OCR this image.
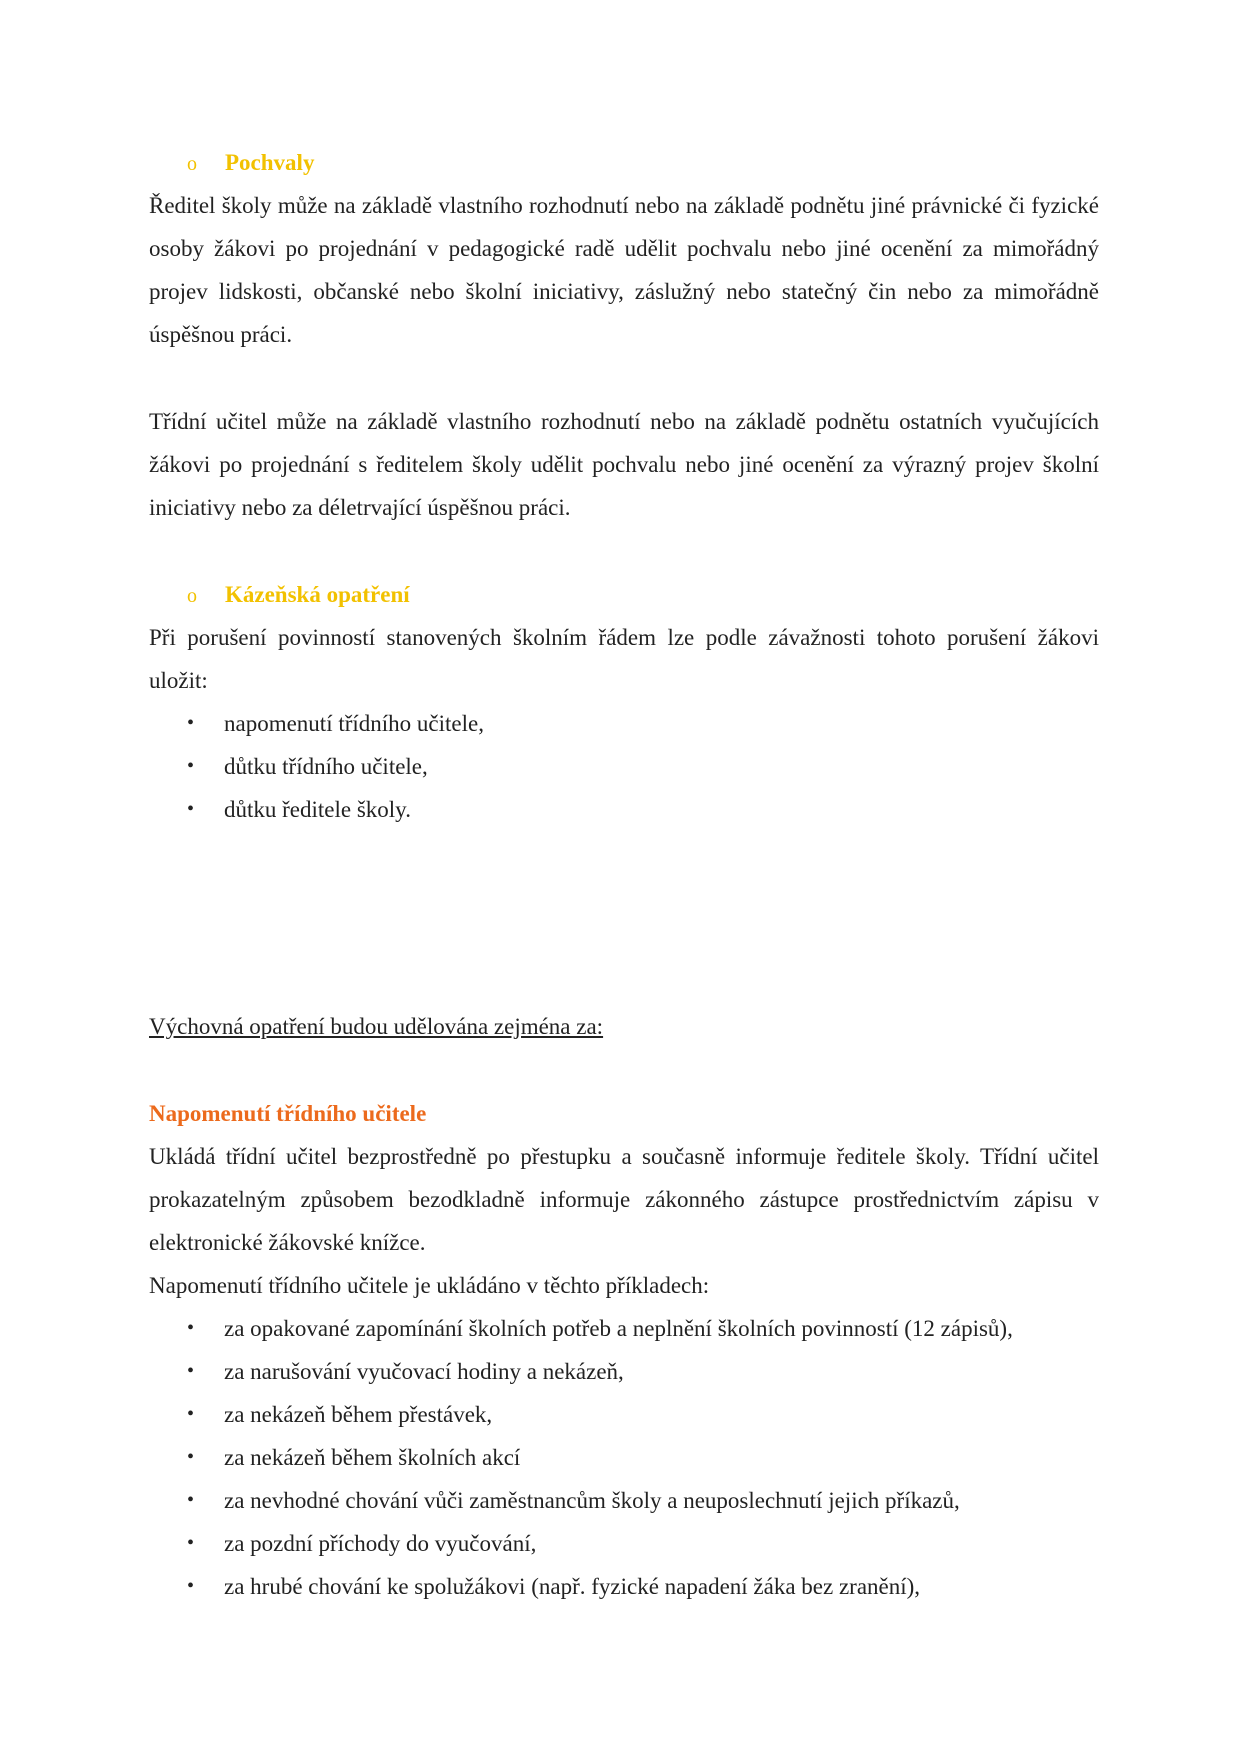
o Pochvaly
Ředitel školy může na základě vlastního rozhodnutí nebo na základě podnětu jiné právnické či fyzické osoby žákovi po projednání v pedagogické radě udělit pochvalu nebo jiné ocenění za mimořádný projev lidskosti, občanské nebo školní iniciativy, záslužný nebo statečný čin nebo za mimořádně úspěšnou práci.
Třídní učitel může na základě vlastního rozhodnutí nebo na základě podnětu ostatních vyučujících žákovi po projednání s ředitelem školy udělit pochvalu nebo jiné ocenění za výrazný projev školní iniciativy nebo za déletrvající úspěšnou práci.
o Kázeňská opatření
Při porušení povinností stanovených školním řádem lze podle závažnosti tohoto porušení žákovi uložit:
• napomenutí třídního učitele,
• důtku třídního učitele,
• důtku ředitele školy.
Výchovná opatření budou udělována zejména za:
Napomenutí třídního učitele
Ukládá třídní učitel bezprostředně po přestupku a současně informuje ředitele školy. Třídní učitel prokazatelným způsobem bezodkladně informuje zákonného zástupce prostřednictvím zápisu v elektronické žákovské knížce.
Napomenutí třídního učitele je ukládáno v těchto příkladech:
• za opakované zapomínání školních potřeb a neplnění školních povinností (12 zápisů),
• za narušování vyučovací hodiny a nekázeň,
• za nekázeň během přestávek,
• za nekázeň během školních akcí
• za nevhodné chování vůči zaměstnancům školy a neuposlechnutí jejich příkazů,
• za pozdní příchody do vyučování,
• za hrubé chování ke spolužákovi (např. fyzické napadení žáka bez zranění),
